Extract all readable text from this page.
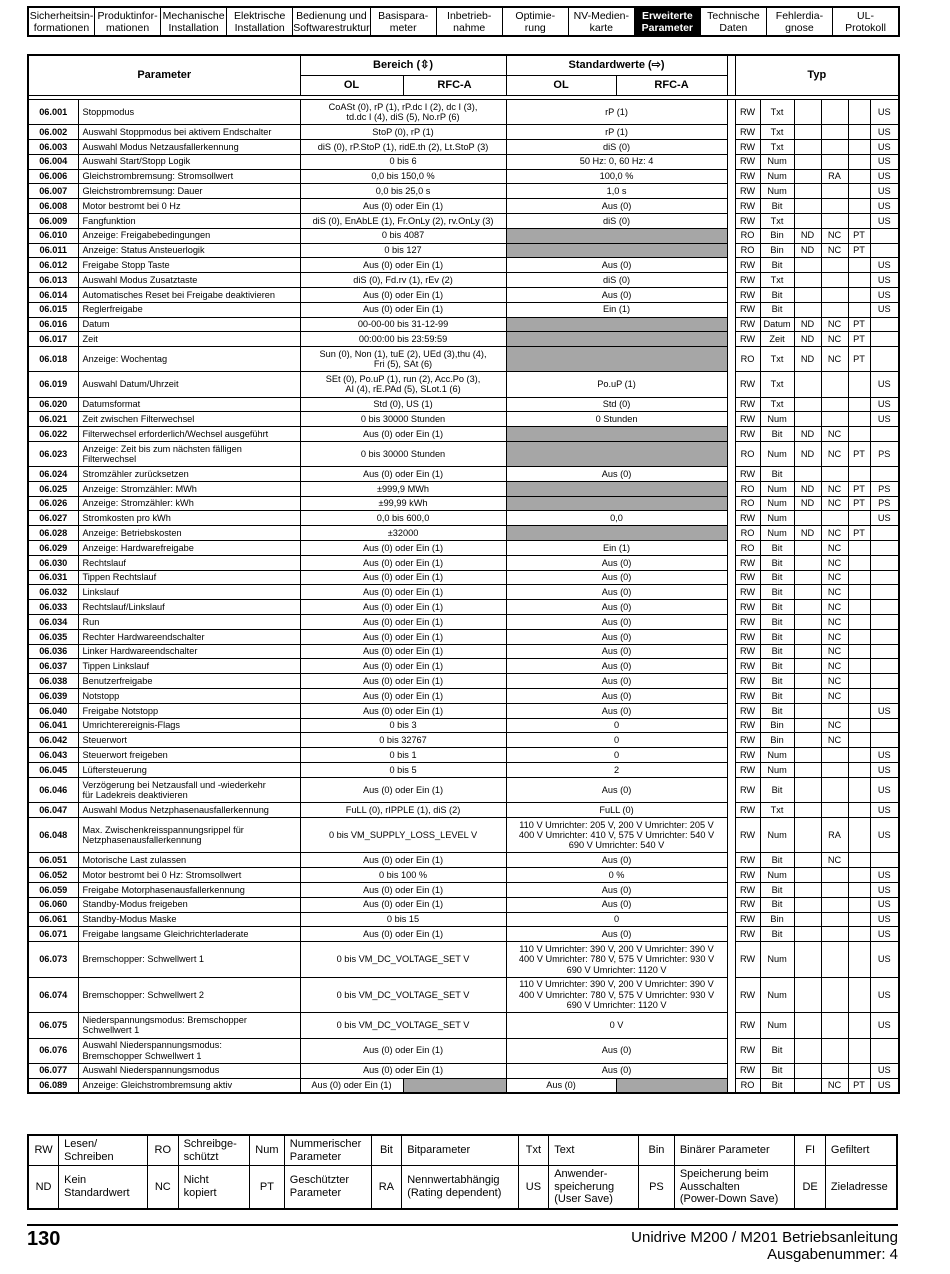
Sicherheitsin-
formationen
Produktinfor-
mationen
Mechanische
Installation
Elektrische
Installation
Bedienung und
Softwarestruktur
Basispara-
meter
Inbetrieb-
nahme
Optimie-
rung
NV-Medien-
karte
Erweiterte
Parameter
Technische
Daten
Fehlerdia-
gnose
UL-
Protokoll
Parameter		Bereich (⇳)		Standardwerte (⇨)			Typ					
		OL	RFC-A	OL	RFC-A							

06.001	Stoppmodus	CoASt (0), rP (1), rP.dc I (2), dc I (3),
td.dc I (4), diS (5), No.rP (6)		rP (1)			RW	Txt				US
06.002	Auswahl Stoppmodus bei aktivem Endschalter	StoP (0), rP (1)		rP (1)			RW	Txt				US
06.003	Auswahl Modus Netzausfallerkennung	diS (0), rP.StoP (1), ridE.th (2), Lt.StoP (3)		diS (0)			RW	Txt				US
06.004	Auswahl Start/Stopp Logik	0 bis 6		50 Hz: 0, 60 Hz: 4			RW	Num				US
06.006	Gleichstrombremsung: Stromsollwert	0,0 bis 150,0 %		100,0 %			RW	Num		RA		US
06.007	Gleichstrombremsung: Dauer	0,0 bis 25,0 s		1,0 s			RW	Num				US
06.008	Motor bestromt bei 0 Hz	Aus (0) oder Ein (1)		Aus (0)			RW	Bit				US
06.009	Fangfunktion	diS (0), EnAbLE (1), Fr.OnLy (2), rv.OnLy (3)		diS (0)			RW	Txt				US
06.010	Anzeige: Freigabebedingungen	0 bis 4087					RO	Bin	ND	NC	PT	
06.011	Anzeige: Status Ansteuerlogik	0 bis 127					RO	Bin	ND	NC	PT	
06.012	Freigabe Stopp Taste	Aus (0) oder Ein (1)		Aus (0)			RW	Bit				US
06.013	Auswahl Modus Zusatztaste	diS (0), Fd.rv (1), rEv (2)		diS (0)			RW	Txt				US
06.014	Automatisches Reset bei Freigabe deaktivieren	Aus (0) oder Ein (1)		Aus (0)			RW	Bit				US
06.015	Reglerfreigabe	Aus (0) oder Ein (1)		Ein (1)			RW	Bit				US
06.016	Datum	00-00-00 bis 31-12-99					RW	Datum	ND	NC	PT	
06.017	Zeit	00:00:00 bis 23:59:59					RW	Zeit	ND	NC	PT	
06.018	Anzeige: Wochentag	Sun (0), Non (1), tuE (2), UEd (3),thu (4),
Fri (5), SAt (6)					RO	Txt	ND	NC	PT	
06.019	Auswahl Datum/Uhrzeit	SEt (0), Po.uP (1), run (2), Acc.Po (3),
AI (4), rE.PAd (5), SLot.1 (6)		Po.uP (1)			RW	Txt				US
06.020	Datumsformat	Std (0), US (1)		Std (0)			RW	Txt				US
06.021	Zeit zwischen Filterwechsel	0 bis 30000 Stunden		0 Stunden			RW	Num				US
06.022	Filterwechsel erforderlich/Wechsel ausgeführt	Aus (0) oder Ein (1)					RW	Bit	ND	NC		
06.023	Anzeige: Zeit bis zum nächsten fälligen
Filterwechsel	0 bis 30000 Stunden					RO	Num	ND	NC	PT	PS
06.024	Stromzähler zurücksetzen	Aus (0) oder Ein (1)		Aus (0)			RW	Bit				
06.025	Anzeige: Stromzähler: MWh	±999,9 MWh					RO	Num	ND	NC	PT	PS
06.026	Anzeige: Stromzähler: kWh	±99,99 kWh					RO	Num	ND	NC	PT	PS
06.027	Stromkosten pro kWh	0,0 bis 600,0		0,0			RW	Num				US
06.028	Anzeige: Betriebskosten	±32000					RO	Num	ND	NC	PT	
06.029	Anzeige: Hardwarefreigabe	Aus (0) oder Ein (1)		Ein (1)			RO	Bit		NC		
06.030	Rechtslauf	Aus (0) oder Ein (1)		Aus (0)			RW	Bit		NC		
06.031	Tippen Rechtslauf	Aus (0) oder Ein (1)		Aus (0)			RW	Bit		NC		
06.032	Linkslauf	Aus (0) oder Ein (1)		Aus (0)			RW	Bit		NC		
06.033	Rechtslauf/Linkslauf	Aus (0) oder Ein (1)		Aus (0)			RW	Bit		NC		
06.034	Run	Aus (0) oder Ein (1)		Aus (0)			RW	Bit		NC		
06.035	Rechter Hardwareendschalter	Aus (0) oder Ein (1)		Aus (0)			RW	Bit		NC		
06.036	Linker Hardwareendschalter	Aus (0) oder Ein (1)		Aus (0)			RW	Bit		NC		
06.037	Tippen Linkslauf	Aus (0) oder Ein (1)		Aus (0)			RW	Bit		NC		
06.038	Benutzerfreigabe	Aus (0) oder Ein (1)		Aus (0)			RW	Bit		NC		
06.039	Notstopp	Aus (0) oder Ein (1)		Aus (0)			RW	Bit		NC		
06.040	Freigabe Notstopp	Aus (0) oder Ein (1)		Aus (0)			RW	Bit				US
06.041	Umrichterereignis-Flags	0 bis 3		0			RW	Bin		NC		
06.042	Steuerwort	0 bis 32767		0			RW	Bin		NC		
06.043	Steuerwort freigeben	0 bis 1		0			RW	Num				US
06.045	Lüftersteuerung	0 bis 5		2			RW	Num				US
06.046	Verzögerung bei Netzausfall und -wiederkehr
für Ladekreis deaktivieren	Aus (0) oder Ein (1)		Aus (0)			RW	Bit				US
06.047	Auswahl Modus Netzphasenausfallerkennung	FuLL (0), rIPPLE (1), diS (2)		FuLL (0)			RW	Txt				US
06.048	Max. Zwischenkreisspannungsrippel für
Netzphasenausfallerkennung	0 bis VM_SUPPLY_LOSS_LEVEL V		110 V Umrichter: 205 V, 200 V Umrichter: 205 V
400 V Umrichter: 410 V, 575 V Umrichter: 540 V
690 V Umrichter: 540 V			RW	Num		RA		US
06.051	Motorische Last zulassen	Aus (0) oder Ein (1)		Aus (0)			RW	Bit		NC		
06.052	Motor bestromt bei 0 Hz: Stromsollwert	0 bis 100 %		0 %			RW	Num				US
06.059	Freigabe Motorphasenausfallerkennung	Aus (0) oder Ein (1)		Aus (0)			RW	Bit				US
06.060	Standby-Modus freigeben	Aus (0) oder Ein (1)		Aus (0)			RW	Bit				US
06.061	Standby-Modus Maske	0 bis 15		0			RW	Bin				US
06.071	Freigabe langsame Gleichrichterladerate	Aus (0) oder Ein (1)		Aus (0)			RW	Bit				US
06.073	Bremschopper: Schwellwert 1	0 bis VM_DC_VOLTAGE_SET V		110 V Umrichter: 390 V, 200 V Umrichter: 390 V
400 V Umrichter: 780 V, 575 V Umrichter: 930 V
690 V Umrichter: 1120 V			RW	Num				US
06.074	Bremschopper: Schwellwert 2	0 bis VM_DC_VOLTAGE_SET V		110 V Umrichter: 390 V, 200 V Umrichter: 390 V
400 V Umrichter: 780 V, 575 V Umrichter: 930 V
690 V Umrichter: 1120 V			RW	Num				US
06.075	Niederspannungsmodus: Bremschopper
Schwellwert 1	0 bis VM_DC_VOLTAGE_SET V		0 V			RW	Num				US
06.076	Auswahl Niederspannungsmodus:
Bremschopper Schwellwert 1	Aus (0) oder Ein (1)		Aus (0)			RW	Bit				
06.077	Auswahl Niederspannungsmodus	Aus (0) oder Ein (1)		Aus (0)			RW	Bit				US
06.089	Anzeige: Gleichstrombremsung aktiv	Aus (0) oder Ein (1)		Aus (0)			RO	Bit		NC	PT	US
RW	Lesen/
Schreiben	RO	Schreibge-
schützt	Num	Nummerischer
Parameter	Bit	Bitparameter	Txt	Text	Bin	Binärer Parameter	FI	Gefiltert
ND	Kein
Standardwert	NC	Nicht
kopiert	PT	Geschützter
Parameter	RA	Nennwertabhängig
(Rating dependent)	US	Anwender-
speicherung
(User Save)	PS	Speicherung beim
Ausschalten
(Power-Down Save)	DE	Zieladresse
130	Unidrive M200 / M201 Betriebsanleitung
Ausgabenummer: 4
